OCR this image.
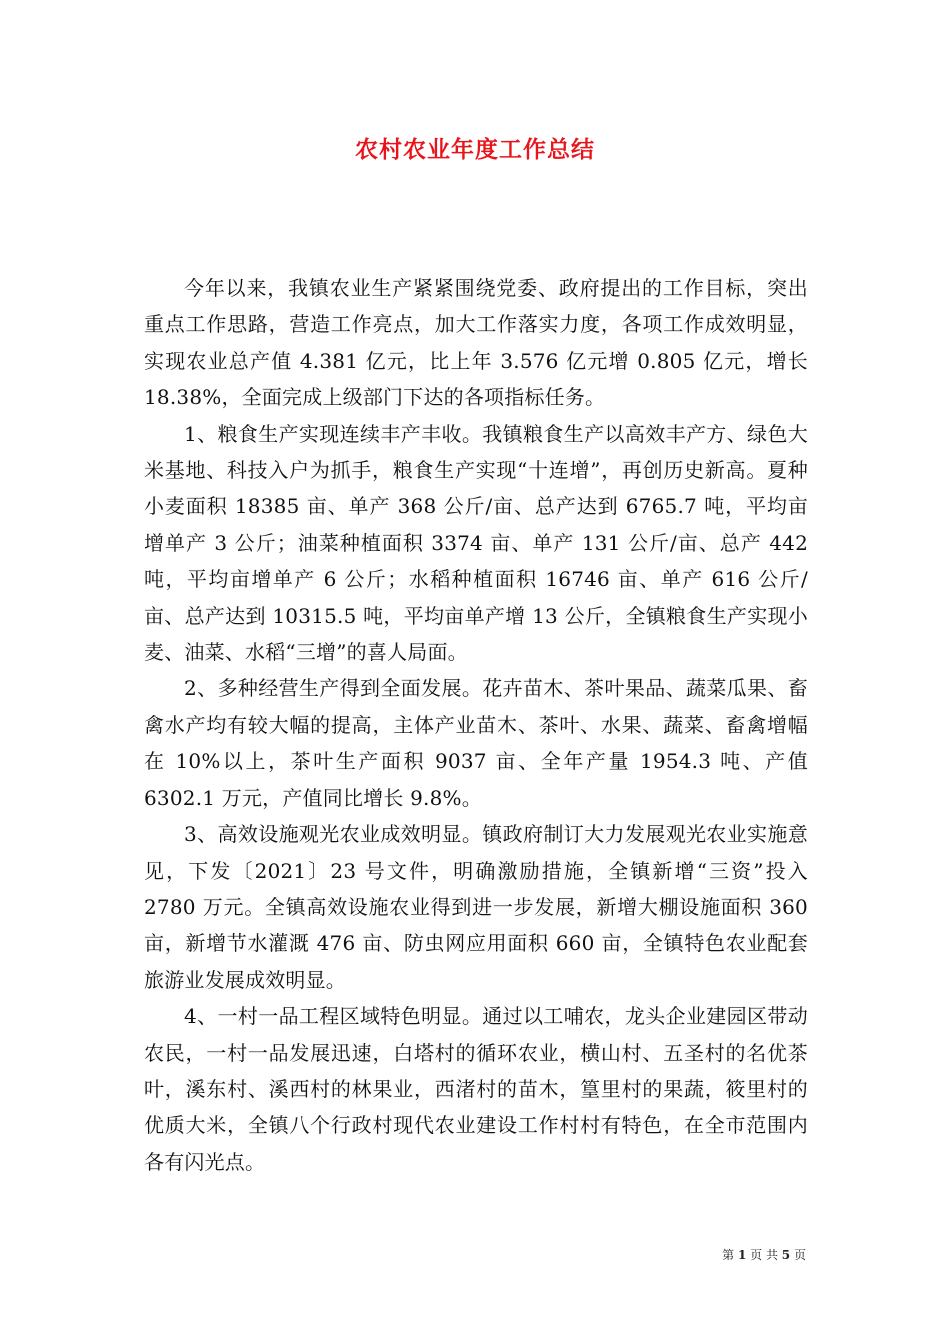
农村农业年度工作总结

今年以来，我镇农业生产紧紧围绕党委、政府提出的工作目标，突出重点工作思路，营造工作亮点，加大工作落实力度，各项工作成效明显，实现农业总产值 4.381 亿元，比上年 3.576 亿元增 0.805 亿元，增长 18.38%，全面完成上级部门下达的各项指标任务。

1、粮食生产实现连续丰产丰收。我镇粮食生产以高效丰产方、绿色大米基地、科技入户为抓手，粮食生产实现“十连增”，再创历史新高。夏种小麦面积 18385 亩、单产 368 公斤/亩、总产达到 6765.7 吨，平均亩增单产 3 公斤；油菜种植面积 3374 亩、单产 131 公斤/亩、总产 442 吨，平均亩增单产 6 公斤；水稻种植面积 16746 亩、单产 616 公斤/亩、总产达到 10315.5 吨，平均亩单产增 13 公斤，全镇粮食生产实现小麦、油菜、水稻“三增”的喜人局面。

2、多种经营生产得到全面发展。花卉苗木、茶叶果品、蔬菜瓜果、畜禽水产均有较大幅的提高，主体产业苗木、茶叶、水果、蔬菜、畜禽增幅在 10%以上，茶叶生产面积 9037 亩、全年产量 1954.3 吨、产值 6302.1 万元，产值同比增长 9.8%。

3、高效设施观光农业成效明显。镇政府制订大力发展观光农业实施意见，下发〔2021〕23 号文件，明确激励措施，全镇新增“三资”投入 2780 万元。全镇高效设施农业得到进一步发展，新增大棚设施面积 360 亩，新增节水灌溉 476 亩、防虫网应用面积 660 亩，全镇特色农业配套旅游业发展成效明显。

4、一村一品工程区域特色明显。通过以工哺农，龙头企业建园区带动农民，一村一品发展迅速，白塔村的循环农业，横山村、五圣村的名优茶叶，溪东村、溪西村的林果业，西渚村的苗木，篁里村的果蔬，筱里村的优质大米，全镇八个行政村现代农业建设工作村村有特色，在全市范围内各有闪光点。

第 1 页 共 5 页
